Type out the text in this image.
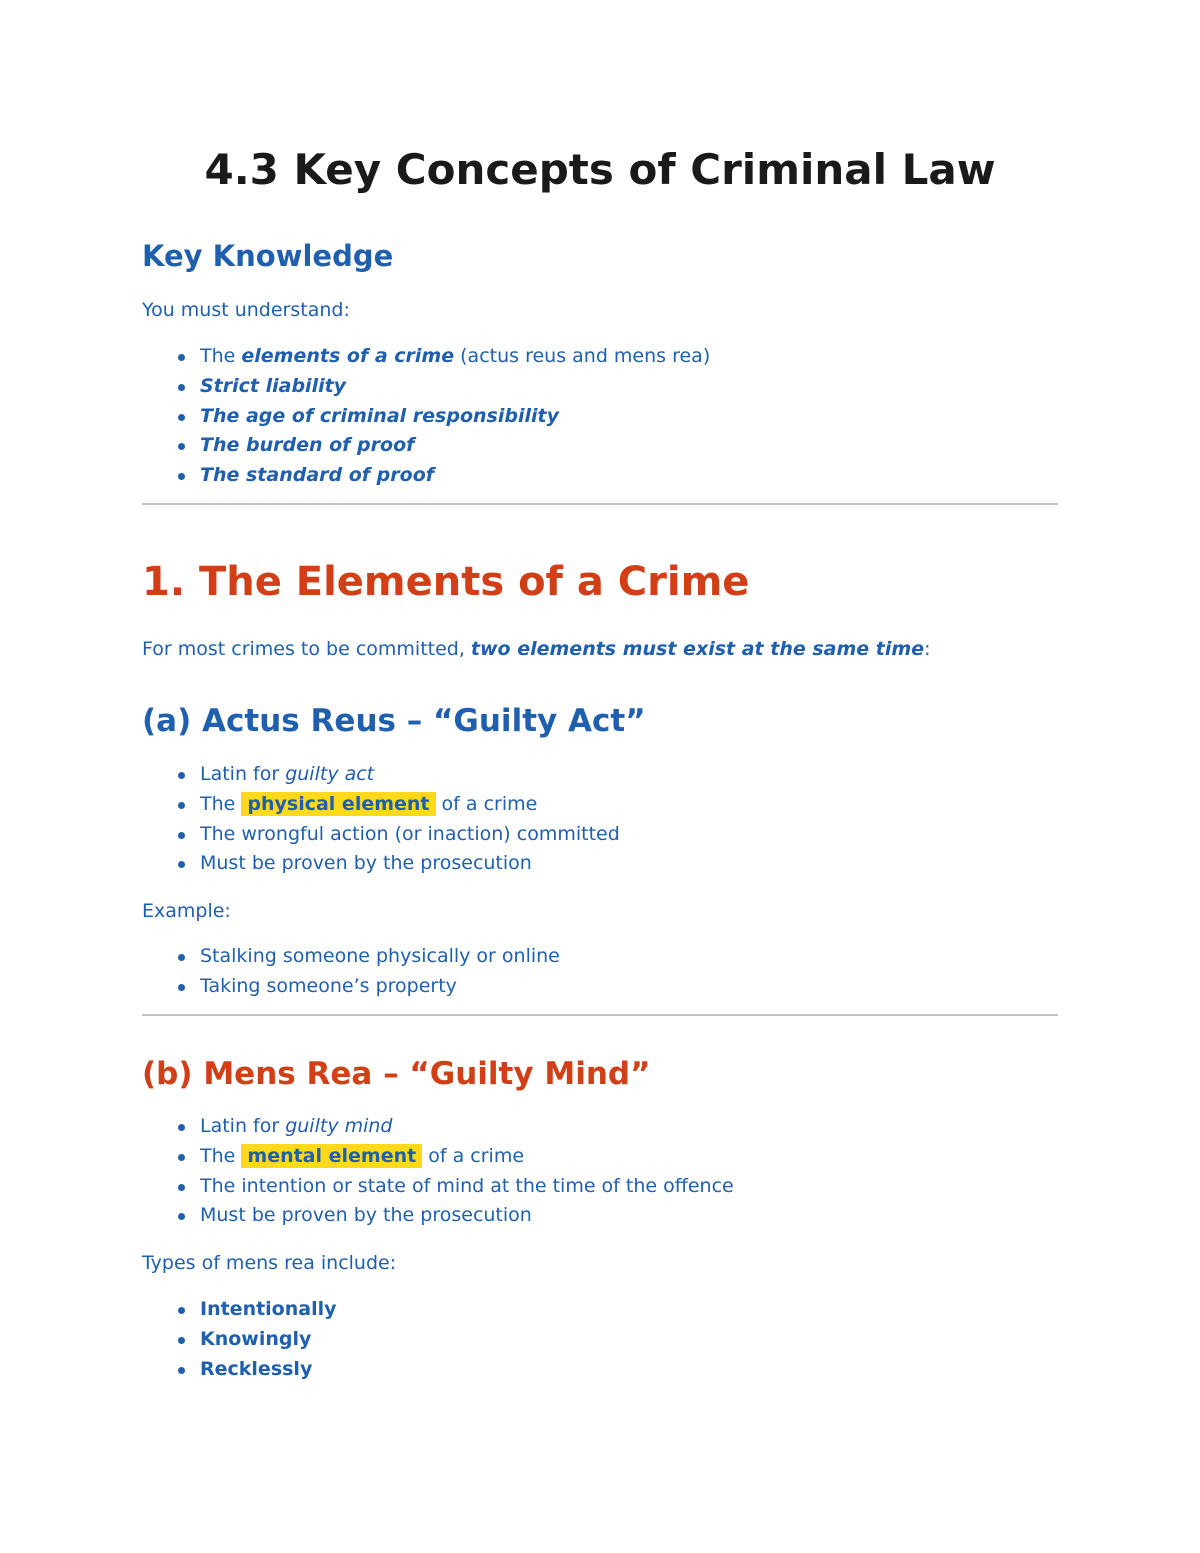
4.3 Key Concepts of Criminal Law
Key Knowledge

You must understand:

The elements of a crime (actus reus and mens rea)
Strict liability
The age of criminal responsibility
The burden of proof
The standard of proof
1. The Elements of a Crime

For most crimes to be committed, two elements must exist at the same time:

(a) Actus Reus – “Guilty Act”
Latin for guilty act
The physical element of a crime
The wrongful action (or inaction) committed
Must be proven by the prosecution

Example:

Stalking someone physically or online
Taking someone’s property
(b) Mens Rea – “Guilty Mind”
Latin for guilty mind
The mental element of a crime
The intention or state of mind at the time of the offence
Must be proven by the prosecution

Types of mens rea include:

Intentionally
Knowingly
Recklessly
